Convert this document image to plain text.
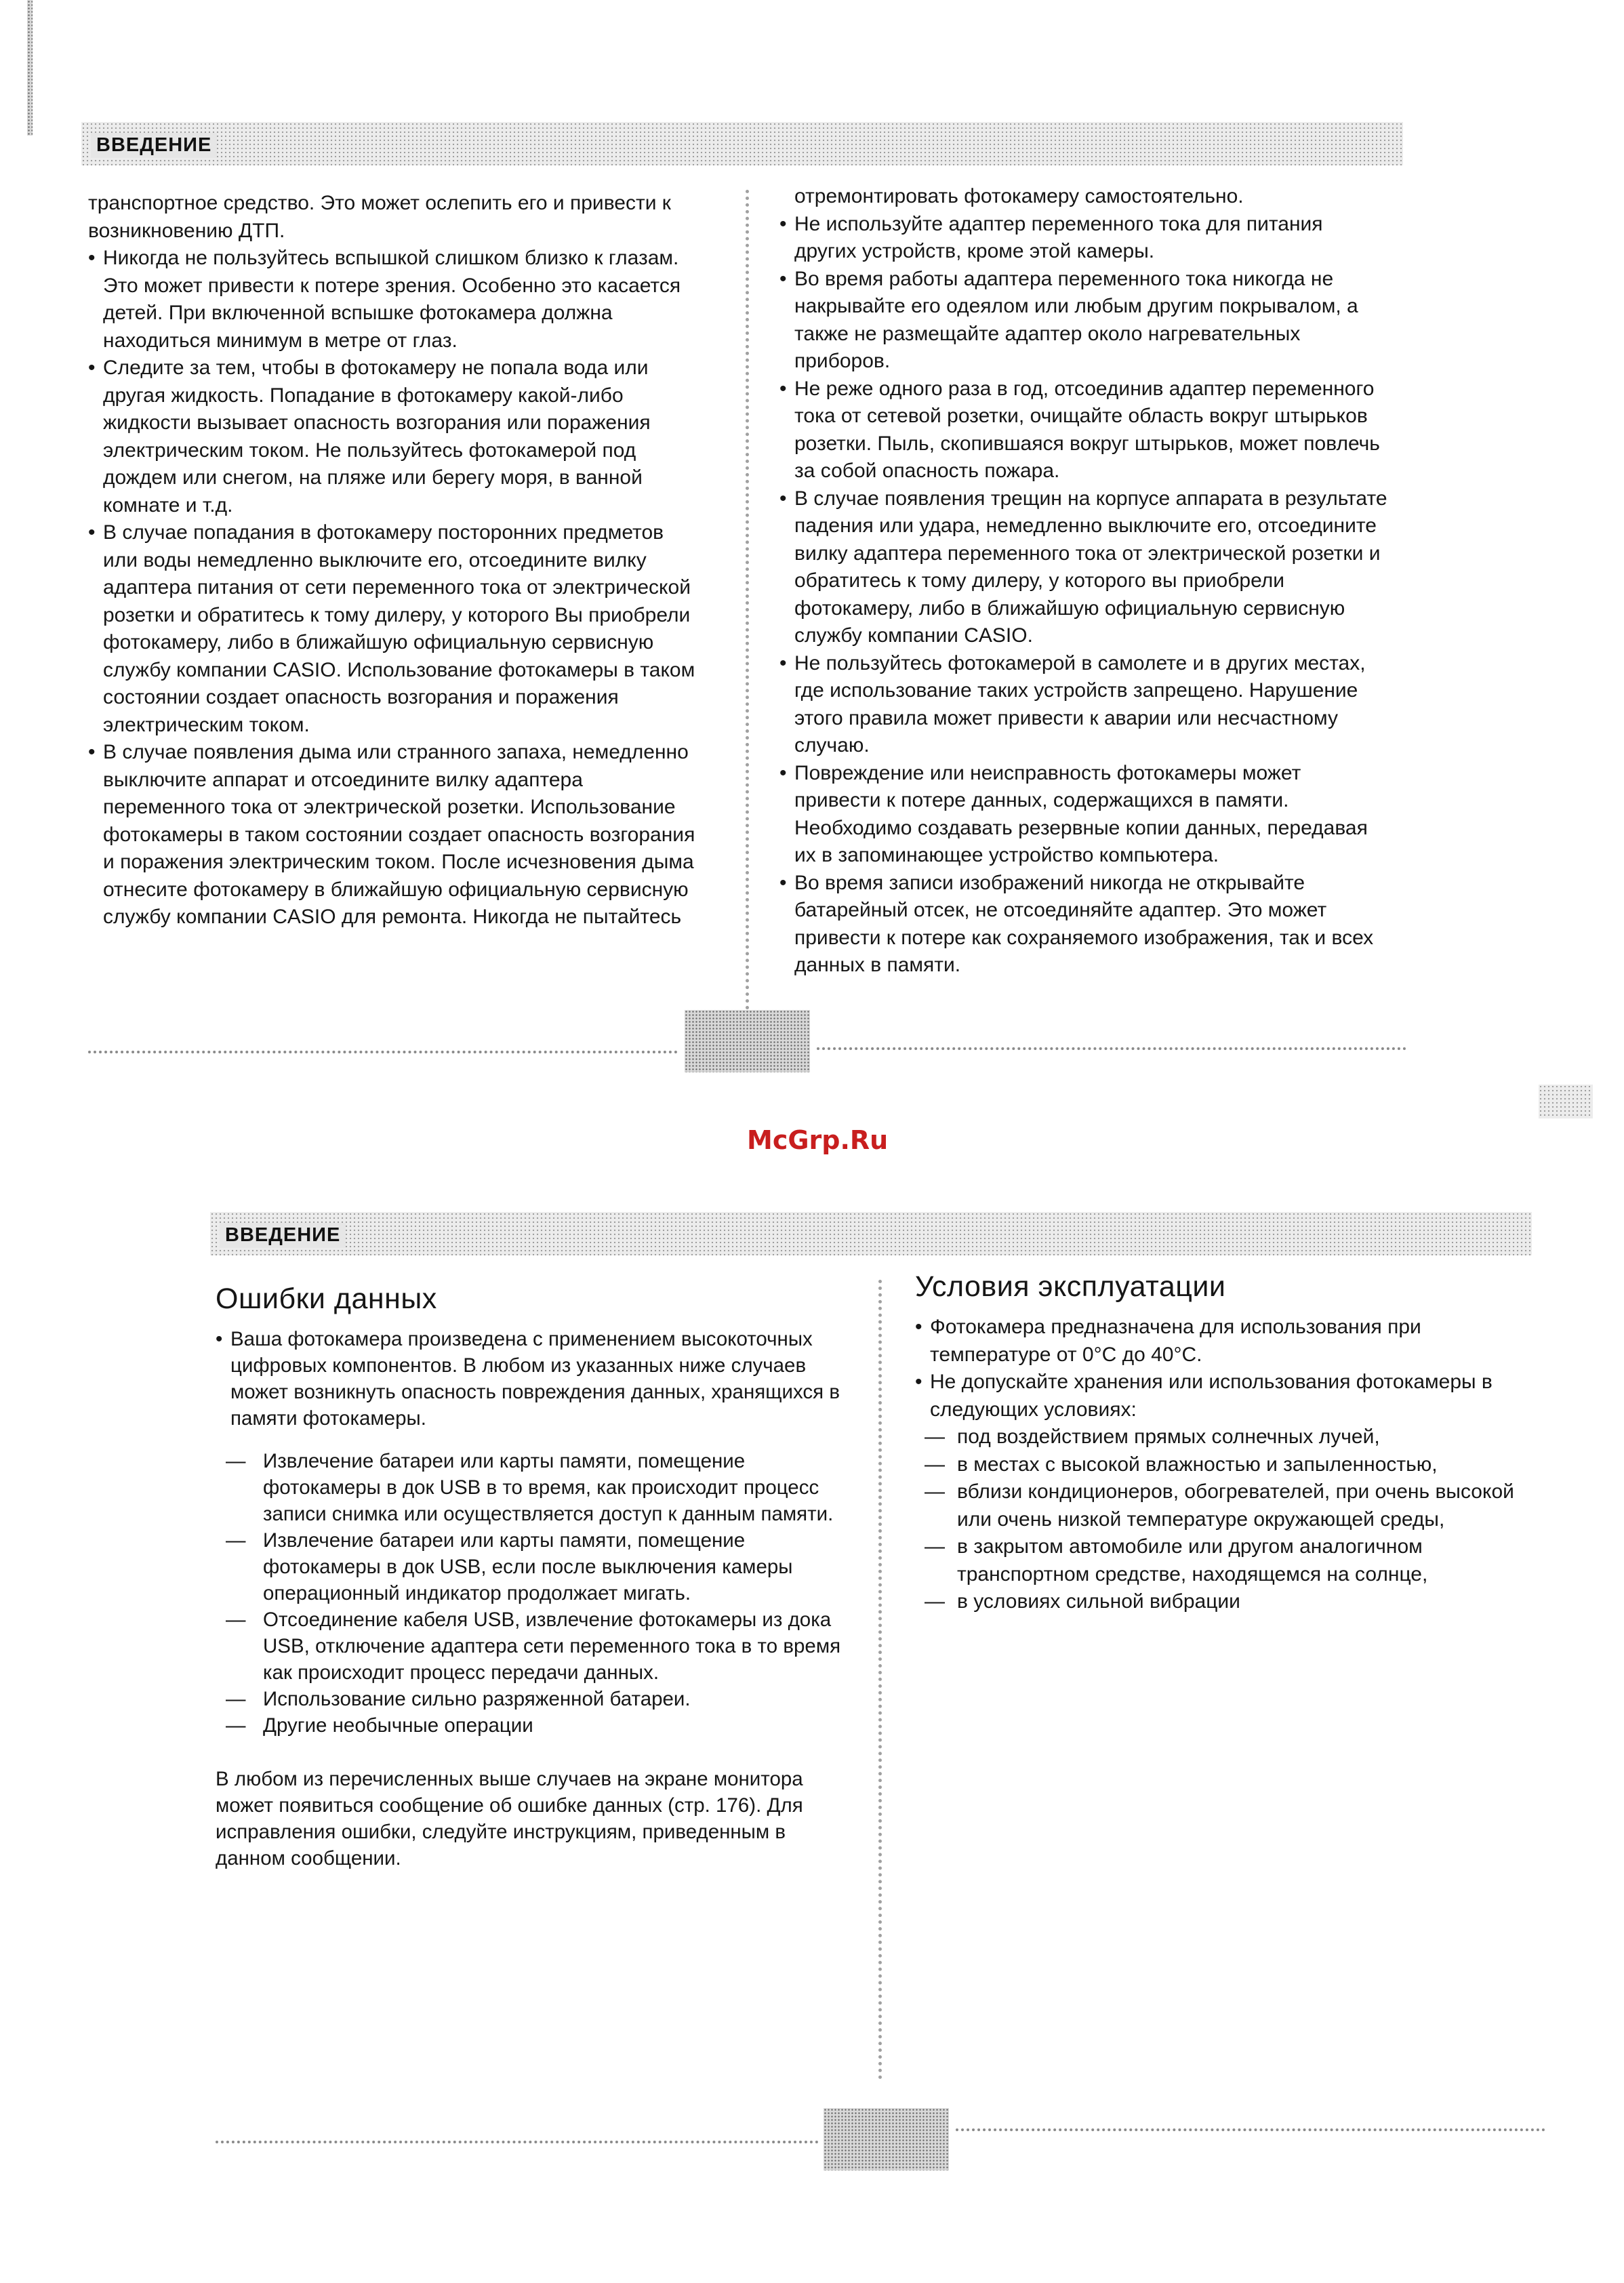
ВВЕДЕНИЕ

транспортное средство. Это может ослепить его и привести к возникновению ДТП.

• Никогда не пользуйтесь вспышкой слишком близко к глазам. Это может привести к потере зрения. Особенно это касается детей. При включенной вспышке фотокамера должна находиться минимум в метре от глаз.

• Следите за тем, чтобы в фотокамеру не попала вода или другая жидкость. Попадание в фотокамеру какой-либо жидкости вызывает опасность возгорания или поражения электрическим током. Не пользуйтесь фотокамерой под дождем или снегом, на пляже или берегу моря, в ванной комнате и т.д.

• В случае попадания в фотокамеру посторонних предметов или воды немедленно выключите его, отсоедините вилку адаптера питания от сети переменного тока от электрической розетки и обратитесь к тому дилеру, у которого Вы приобрели фотокамеру, либо в ближайшую официальную сервисную службу компании CASIO. Использование фотокамеры в таком состоянии создает опасность возгорания и поражения электрическим током.

• В случае появления дыма или странного запаха, немедленно выключите аппарат и отсоедините вилку адаптера переменного тока от электрической розетки. Использование фотокамеры в таком состоянии создает опасность возгорания и поражения электрическим током. После исчезновения дыма отнесите фотокамеру в ближайшую официальную сервисную службу компании CASIO для ремонта. Никогда не пытайтесь

отремонтировать фотокамеру самостоятельно.

• Не используйте адаптер переменного тока для питания других устройств, кроме этой камеры.

• Во время работы адаптера переменного тока никогда не накрывайте его одеялом или любым другим покрывалом, а также не размещайте адаптер около нагревательных приборов.

• Не реже одного раза в год, отсоединив адаптер переменного тока от сетевой розетки, очищайте область вокруг штырьков розетки. Пыль, скопившаяся вокруг штырьков, может повлечь за собой опасность пожара.

• В случае появления трещин на корпусе аппарата в результате падения или удара, немедленно выключите его, отсоедините вилку адаптера переменного тока от электрической розетки и обратитесь к тому дилеру, у которого вы приобрели фотокамеру, либо в ближайшую официальную сервисную службу компании CASIO.

• Не пользуйтесь фотокамерой в самолете и в других местах, где использование таких устройств запрещено. Нарушение этого правила может привести к аварии или несчастному случаю.

• Повреждение или неисправность фотокамеры может привести к потере данных, содержащихся в памяти. Необходимо создавать резервные копии данных, передавая их в запоминающее устройство компьютера.

• Во время записи изображений никогда не открывайте батарейный отсек, не отсоединяйте адаптер. Это может привести к потере как сохраняемого изображения, так и всех данных в памяти.

McGrp.Ru
ВВЕДЕНИЕ
Ошибки данных

• Ваша фотокамера произведена с применением высокоточных цифровых компонентов. В любом из указанных ниже случаев может возникнуть опасность повреждения данных, хранящихся в памяти фотокамеры.

— Извлечение батареи или карты памяти, помещение фотокамеры в док USB в то время, как происходит процесс записи снимка или осуществляется доступ к данным памяти.

— Извлечение батареи или карты памяти, помещение фотокамеры в док USB, если после выключения камеры операционный индикатор продолжает мигать.

— Отсоединение кабеля USB, извлечение фотокамеры из дока USB, отключение адаптера сети переменного тока в то время как происходит процесс передачи данных.

— Использование сильно разряженной батареи.

— Другие необычные операции

В любом из перечисленных выше случаев на экране монитора может появиться сообщение об ошибке данных (стр. 176). Для исправления ошибки, следуйте инструкциям, приведенным в данном сообщении.

Условия эксплуатации

• Фотокамера предназначена для использования при температуре от 0°С до 40°С.

• Не допускайте хранения или использования фотокамеры в следующих условиях:

— под воздействием прямых солнечных лучей,

— в местах с высокой влажностью и запыленностью,

— вблизи кондиционеров, обогревателей, при очень высокой или очень низкой температуре окружающей среды,

— в закрытом автомобиле или другом аналогичном транспортном средстве, находящемся на солнце,

— в условиях сильной вибрации
